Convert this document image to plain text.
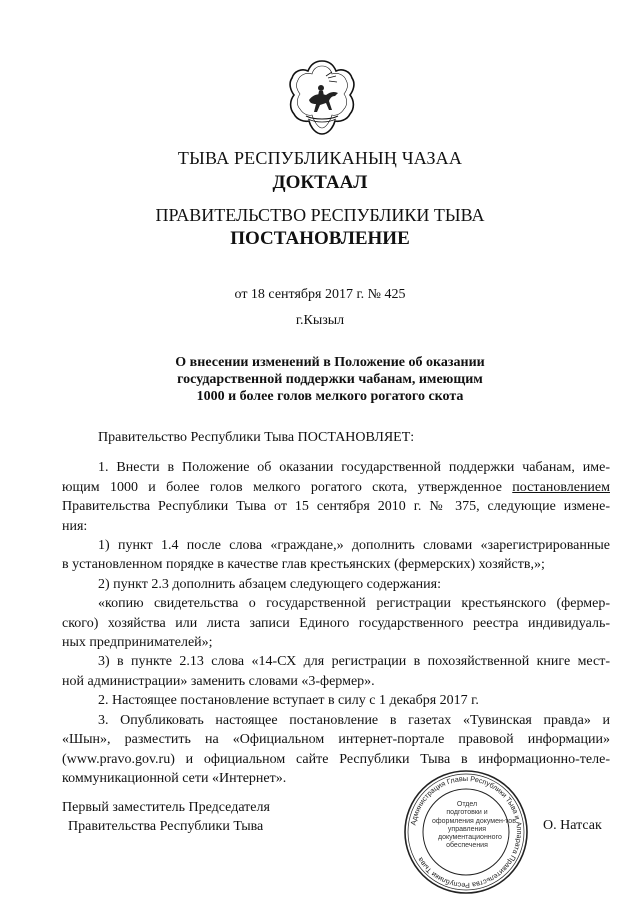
ТЫВА РЕСПУБЛИКАНЫҢ ЧАЗАА
ДОКТААЛ
ПРАВИТЕЛЬСТВО РЕСПУБЛИКИ ТЫВА
ПОСТАНОВЛЕНИЕ
от 18 сентября 2017 г. № 425
г.Кызыл
О внесении изменений в Положение об оказании
государственной поддержки чабанам, имеющим
1000 и более голов мелкого рогатого скота
Правительство Республики Тыва ПОСТАНОВЛЯЕТ:
1. Внести в Положение об оказании государственной поддержки чабанам, име-
ющим 1000 и более голов мелкого рогатого скота, утвержденное постановлением
Правительства Республики Тыва от 15 сентября 2010 г. № 375, следующие измене-
ния:
1) пункт 1.4 после слова «граждане,» дополнить словами «зарегистрированные
в установленном порядке в качестве глав крестьянских (фермерских) хозяйств,»;
2) пункт 2.3 дополнить абзацем следующего содержания:
«копию свидетельства о государственной регистрации крестьянского (фермер-
ского) хозяйства или листа записи Единого государственного реестра индивидуаль-
ных предпринимателей»;
3) в пункте 2.13 слова «14-СХ для регистрации в похозяйственной книге мест-
ной администрации» заменить словами «3-фермер».
2. Настоящее постановление вступает в силу с 1 декабря 2017 г.
3. Опубликовать настоящее постановление в газетах «Тувинская правда» и
«Шын», разместить на «Официальном интернет-портале правовой информации»
(www.pravo.gov.ru) и официальном сайте Республики Тыва в информационно-теле-
коммуникационной сети «Интернет».
Первый заместитель Председателя
Правительства Республики Тыва	Администрация Главы Республики Тыва и Аппарата Правительства Республики Тыва
Отдел
подготовки и
оформления докумен-тов
управления
документационного
обеспечения
О. Натсак
